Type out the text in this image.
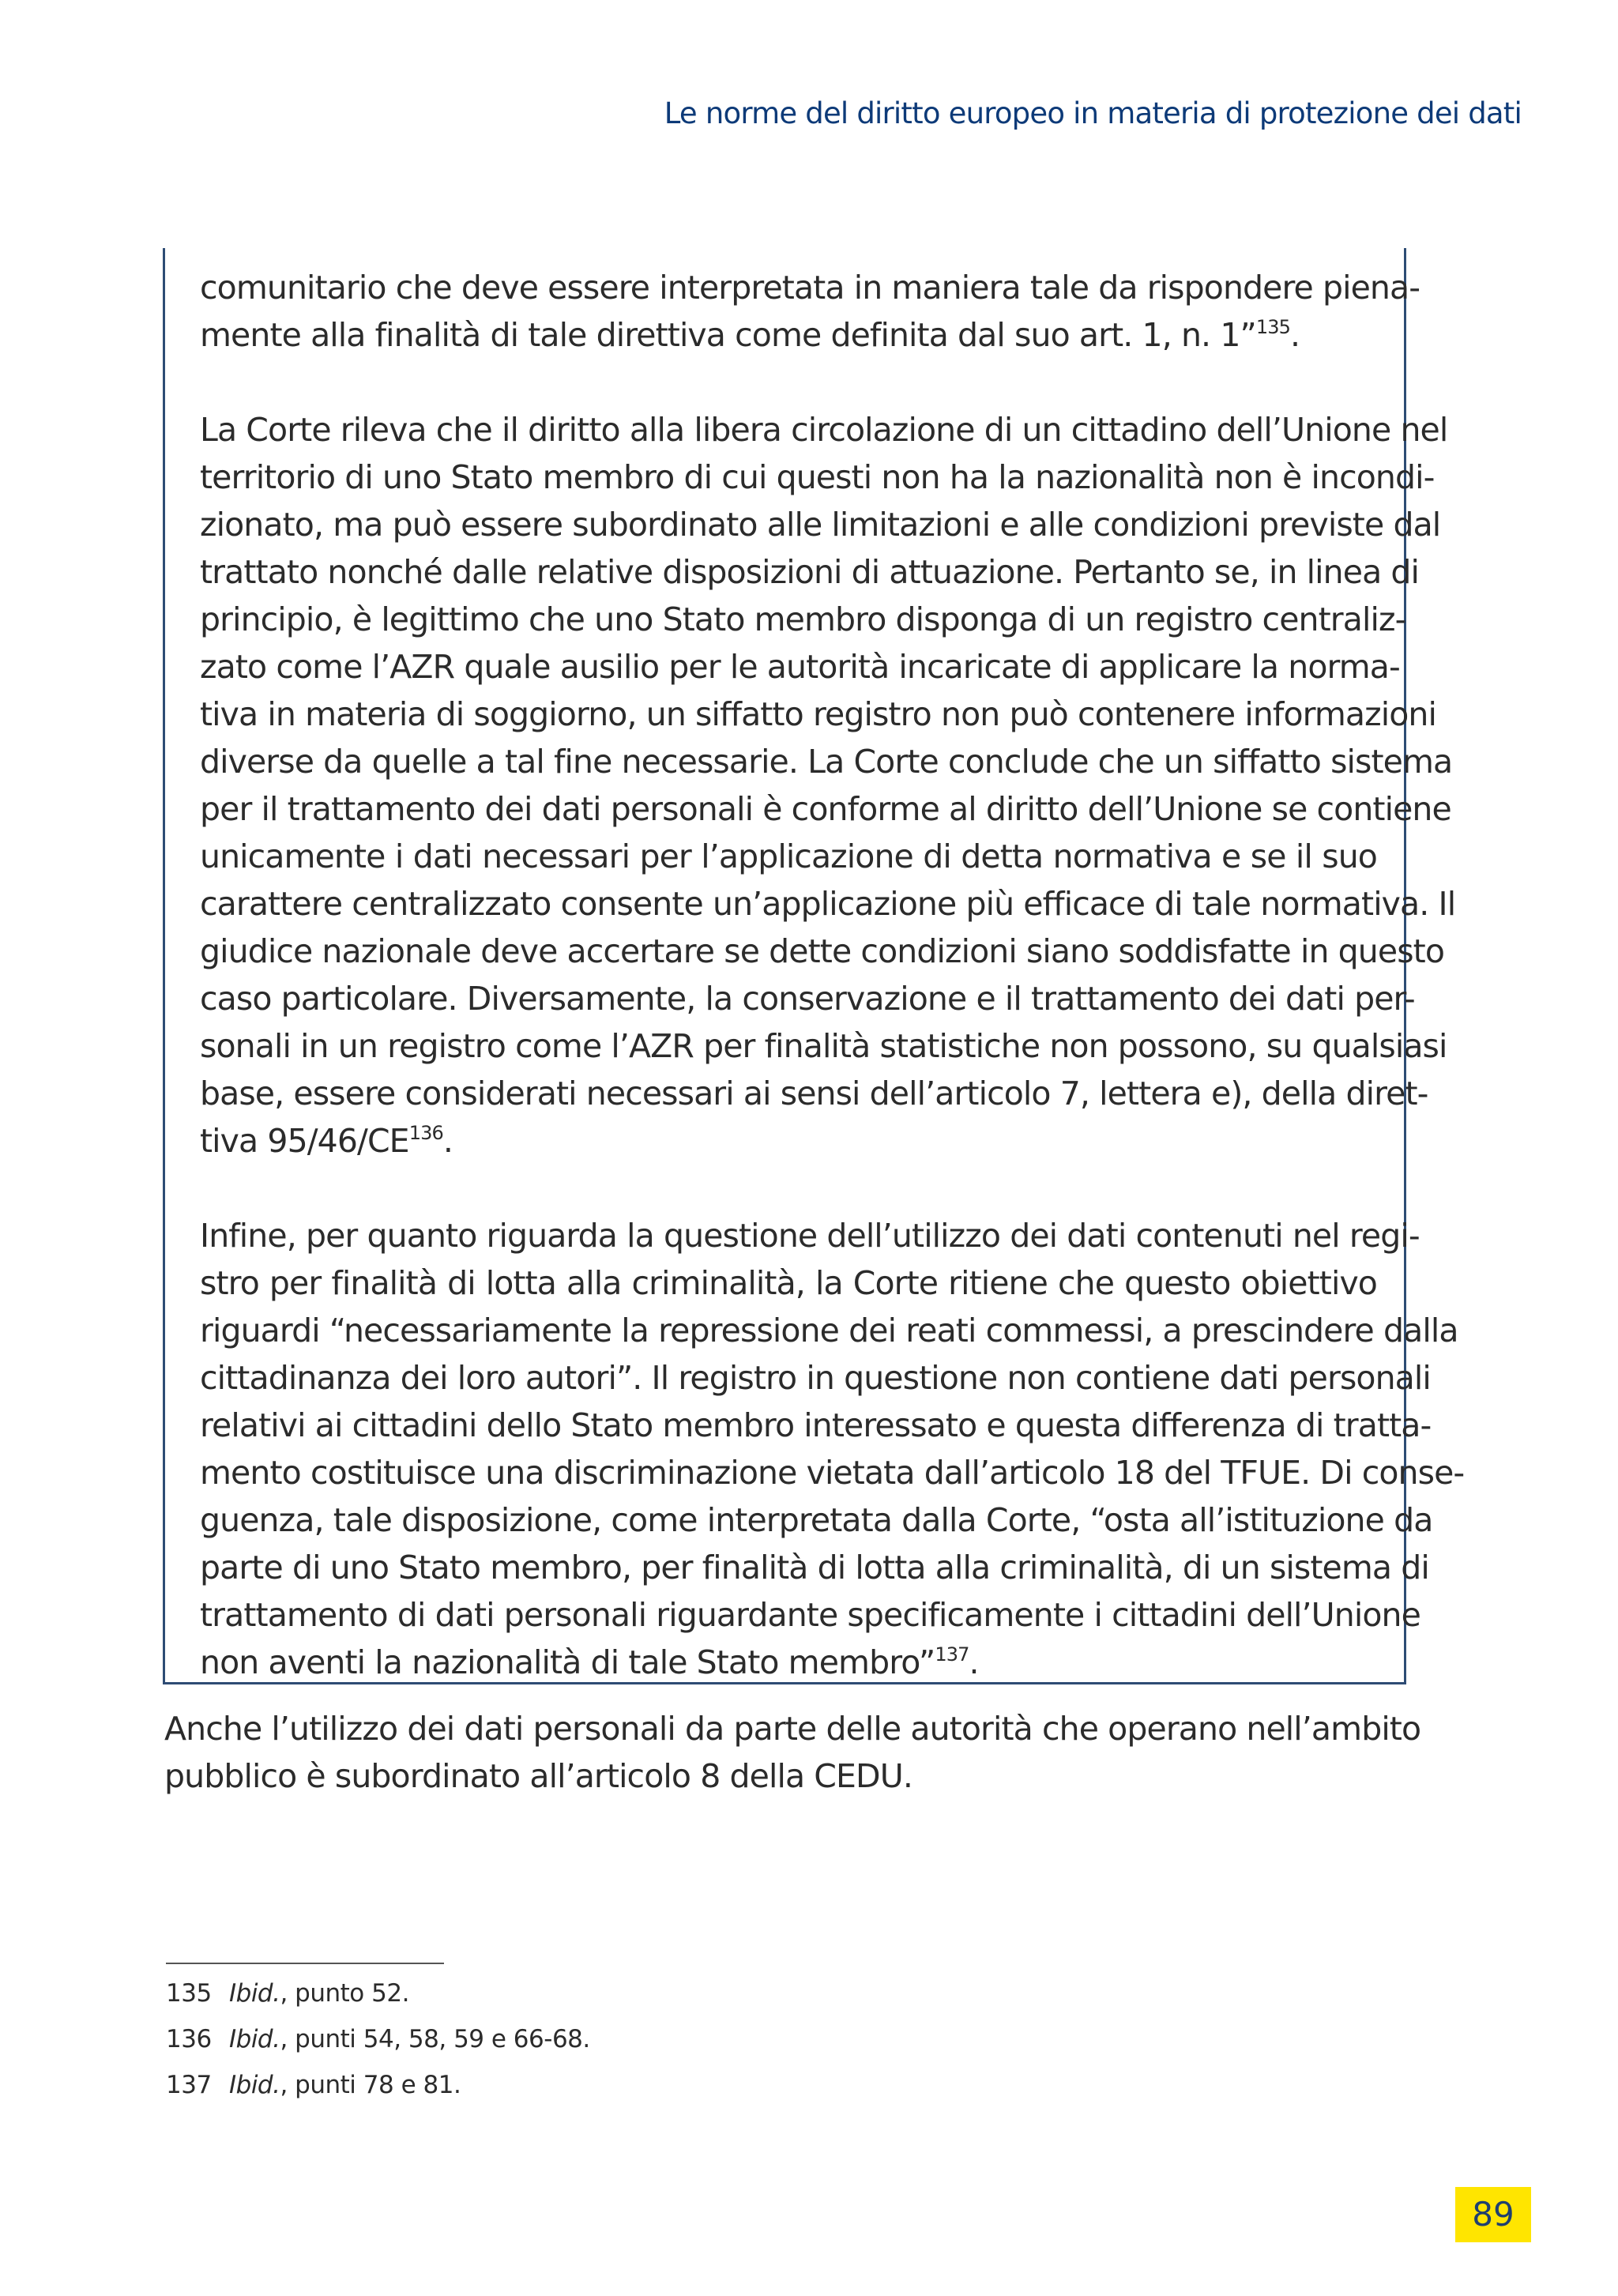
Le norme del diritto europeo in materia di protezione dei dati

comunitario che deve essere interpretata in maniera tale da rispondere piena-
mente alla finalità di tale direttiva come definita dal suo art. 1, n. 1”$^{135}$.

La Corte rileva che il diritto alla libera circolazione di un cittadino dell’Unione nel
territorio di uno Stato membro di cui questi non ha la nazionalità non è incondi-
zionato, ma può essere subordinato alle limitazioni e alle condizioni previste dal
trattato nonché dalle relative disposizioni di attuazione. Pertanto se, in linea di
principio, è legittimo che uno Stato membro disponga di un registro centraliz-
zato come l’AZR quale ausilio per le autorità incaricate di applicare la norma-
tiva in materia di soggiorno, un siffatto registro non può contenere informazioni
diverse da quelle a tal fine necessarie. La Corte conclude che un siffatto sistema
per il trattamento dei dati personali è conforme al diritto dell’Unione se contiene
unicamente i dati necessari per l’applicazione di detta normativa e se il suo
carattere centralizzato consente un’applicazione più efficace di tale normativa. Il
giudice nazionale deve accertare se dette condizioni siano soddisfatte in questo
caso particolare. Diversamente, la conservazione e il trattamento dei dati per-
sonali in un registro come l’AZR per finalità statistiche non possono, su qualsiasi
base, essere considerati necessari ai sensi dell’articolo 7, lettera e), della diret-
tiva 95/46/CE$^{136}$.

Infine, per quanto riguarda la questione dell’utilizzo dei dati contenuti nel regi-
stro per finalità di lotta alla criminalità, la Corte ritiene che questo obiettivo
riguardi “necessariamente la repressione dei reati commessi, a prescindere dalla
cittadinanza dei loro autori”. Il registro in questione non contiene dati personali
relativi ai cittadini dello Stato membro interessato e questa differenza di tratta-
mento costituisce una discriminazione vietata dall’articolo 18 del TFUE. Di conse-
guenza, tale disposizione, come interpretata dalla Corte, “osta all’istituzione da
parte di uno Stato membro, per finalità di lotta alla criminalità, di un sistema di
trattamento di dati personali riguardante specificamente i cittadini dell’Unione
non aventi la nazionalità di tale Stato membro”$^{137}$.

Anche l’utilizzo dei dati personali da parte delle autorità che operano nell’ambito
pubblico è subordinato all’articolo 8 della CEDU.
135 Ibid., punto 52.
136 Ibid., punti 54, 58, 59 e 66-68.
137 Ibid., punti 78 e 81.
89
